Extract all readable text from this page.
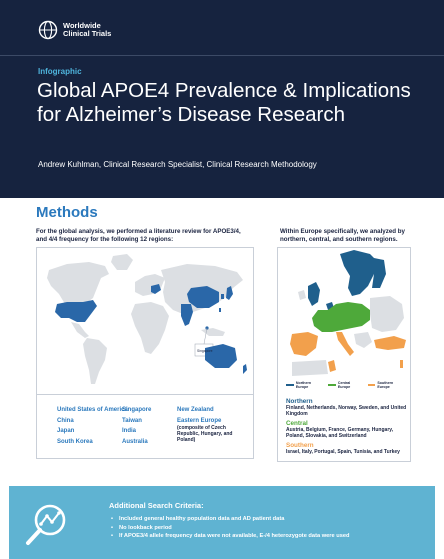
Worldwide
Clinical Trials
Infographic
Global APOE4 Prevalence & Implications for Alzheimer’s Disease Research
Andrew Kuhlman, Clinical Research Specialist, Clinical Research Methodology
Methods

For the global analysis, we performed a literature review for APOE3/4, and 4/4 frequency for the following 12 regions:

Within Europe specifically, we analyzed by northern, central, and southern regions.

Singapore
United States of America
China
Japan
South Korea
Singapore
Taiwan
India
Australia
New Zealand
Eastern Europe
(composite of Czech Republic, Hungary, and Poland)
Northern Europe
Central Europe
Southern Europe
Northern
Finland, Netherlands, Norway, Sweden, and United Kingdom
Central
Austria, Belgium, France, Germany, Hungary, Poland, Slovakia, and Switzerland
Southern
Israel, Italy, Portugal, Spain, Tunisia, and Turkey
Additional Search Criteria:
• Included general healthy population data and AD patient data
• No lookback period
• If APOE3/4 allele frequency data were not available, E-/4 heterozygote data were used
